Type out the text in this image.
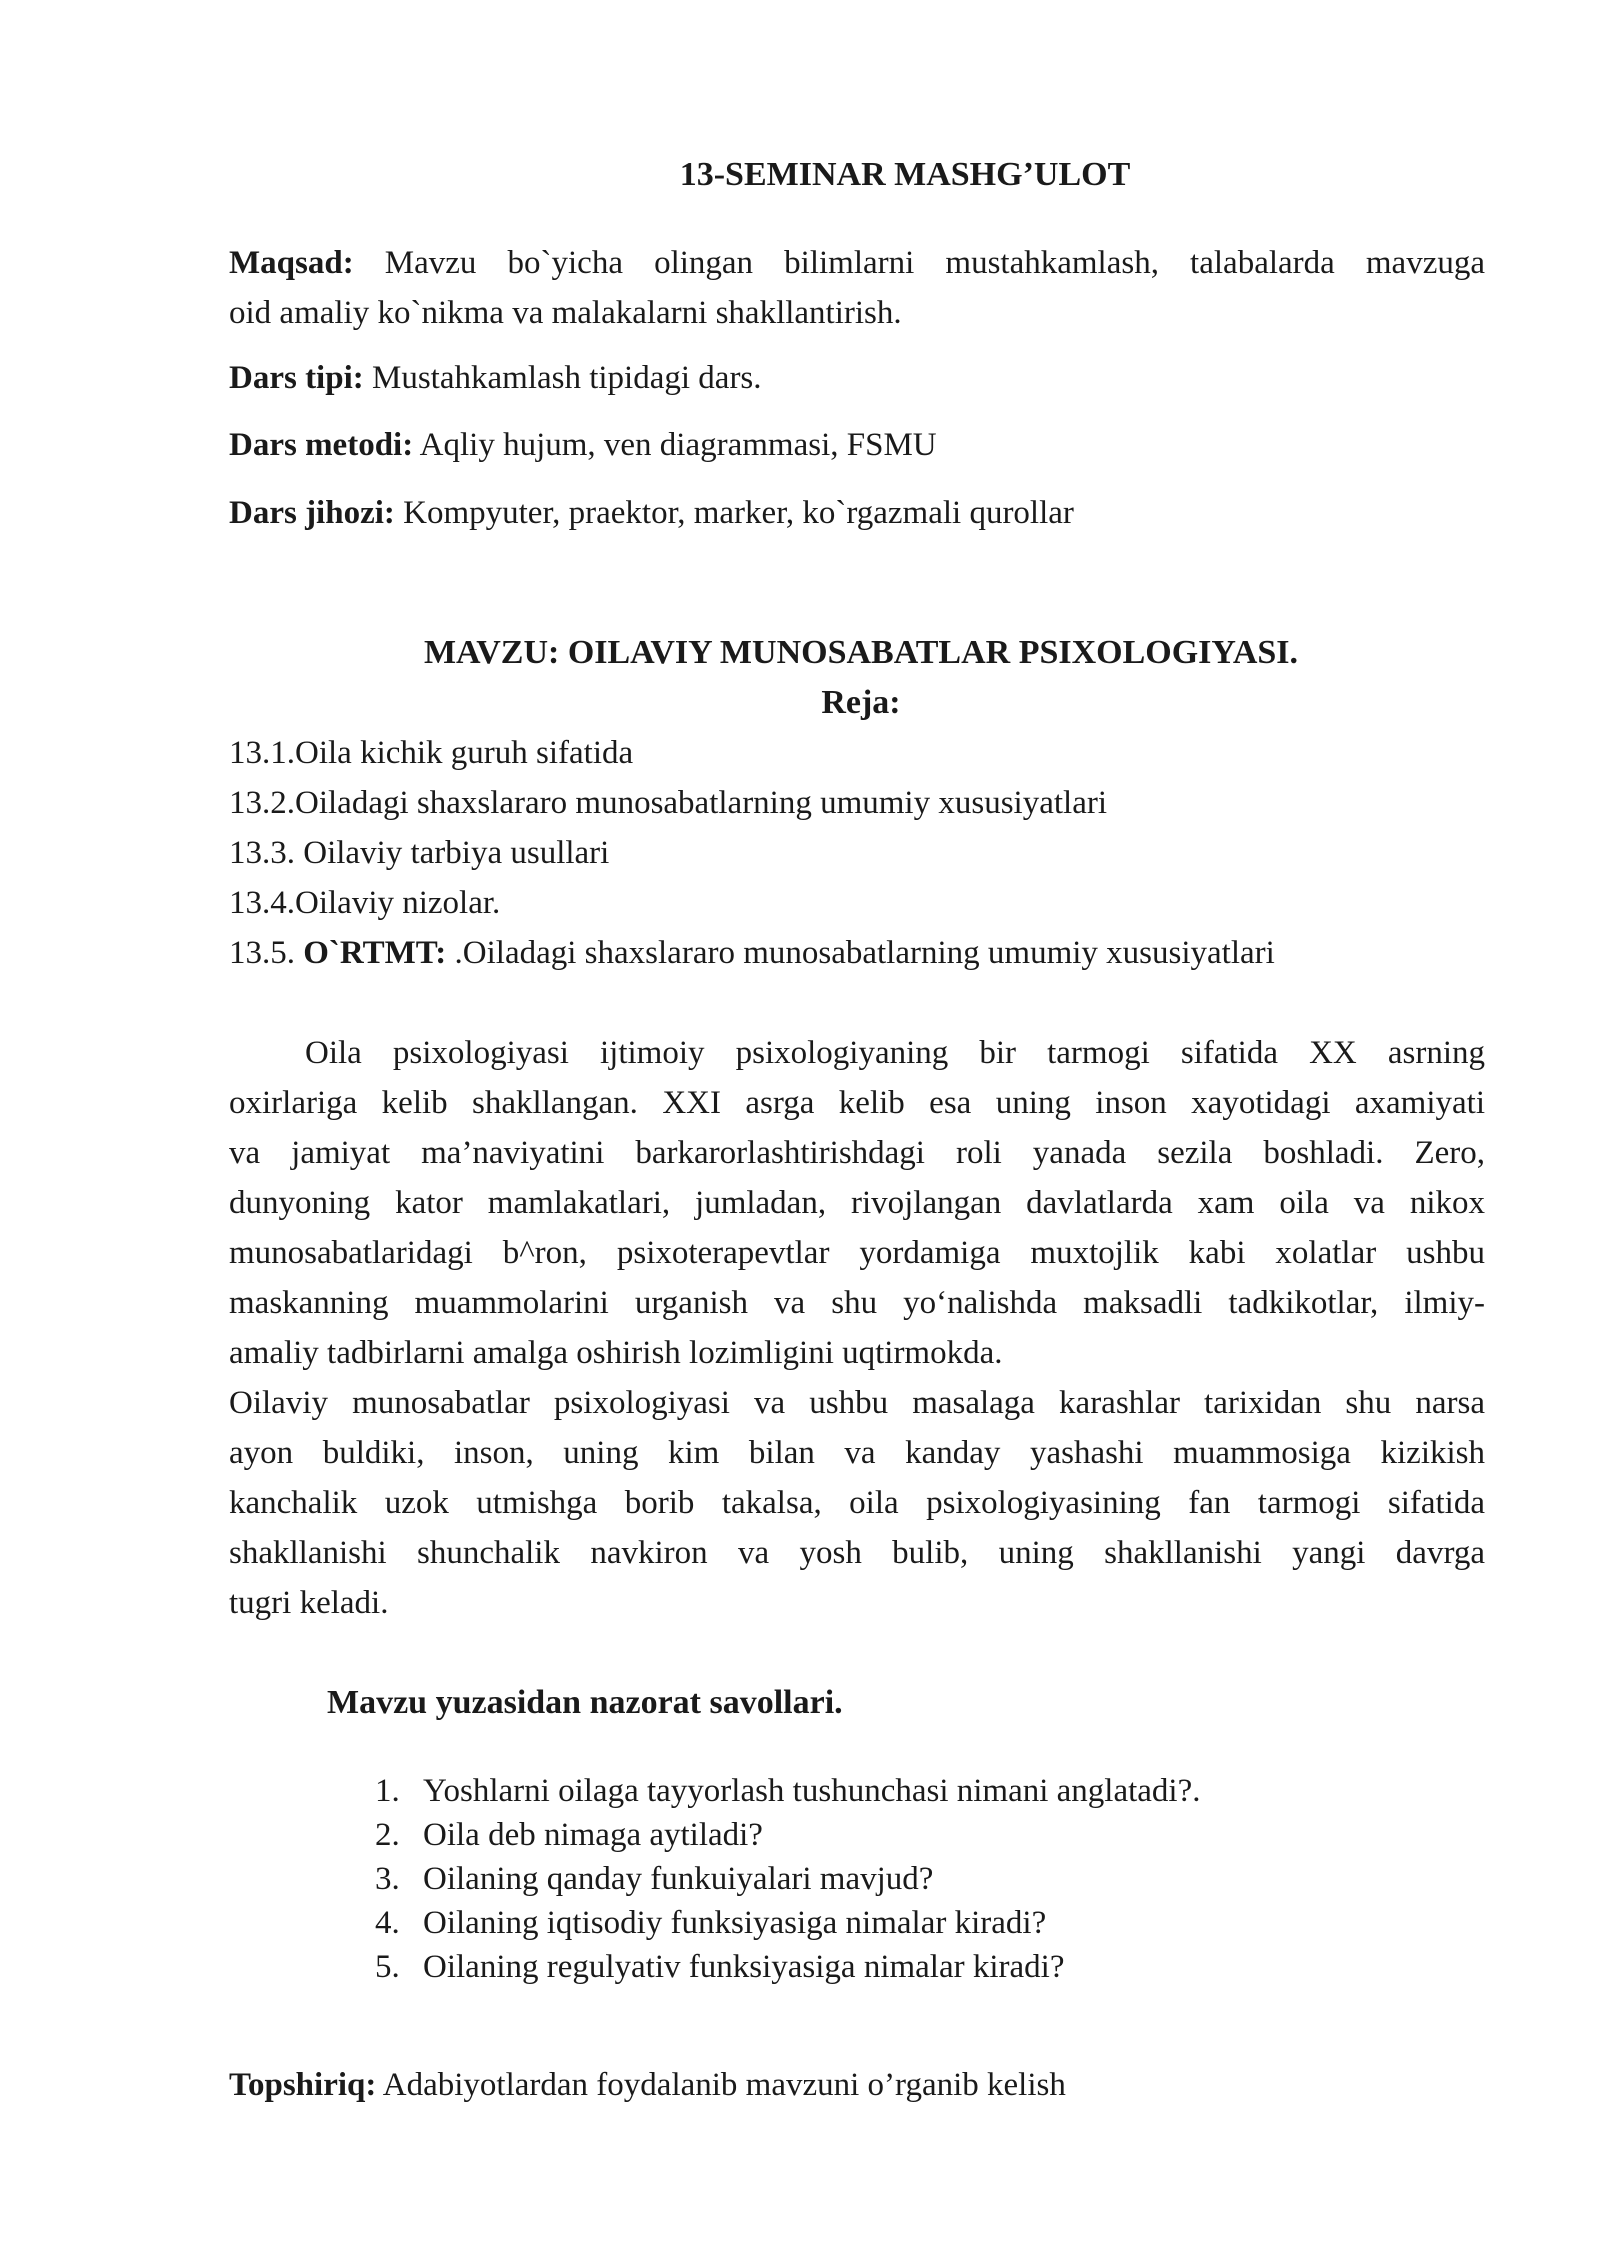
13-SEMINAR MASHG’ULOT
Maqsad: Mavzu bo`yicha olingan bilimlarni mustahkamlash, talabalarda mavzuga
oid amaliy ko`nikma va malakalarni shakllantirish.
Dars tipi: Mustahkamlash tipidagi dars.
Dars metodi: Aqliy hujum, ven diagrammasi, FSMU
Dars jihozi: Kompyuter, praektor, marker, ko`rgazmali qurollar
MAVZU: OILAVIY MUNOSABATLAR PSIXOLOGIYASI.
Reja:
13.1.Oila kichik guruh sifatida
13.2.Oiladagi shaxslararo munosabatlarning umumiy xususiyatlari
13.3. Oilaviy tarbiya usullari
13.4.Oilaviy nizolar.
13.5. O`RTMT: .Oiladagi shaxslararo munosabatlarning umumiy xususiyatlari
Oila psixologiyasi ijtimoiy psixologiyaning bir tarmogi sifatida XX asrning
oxirlariga kelib shakllangan. XXI asrga kelib esa uning inson xayotidagi axamiyati
va jamiyat ma’naviyatini barkarorlashtirishdagi roli yanada sezila boshladi. Zero,
dunyoning kator mamlakatlari, jumladan, rivojlangan davlatlarda xam oila va nikox
munosabatlaridagi b^ron, psixoterapevtlar yordamiga muxtojlik kabi xolatlar ushbu
maskanning muammolarini urganish va shu yo‘nalishda maksadli tadkikotlar, ilmiy-
amaliy tadbirlarni amalga oshirish lozimligini uqtirmokda.
Oilaviy munosabatlar psixologiyasi va ushbu masalaga karashlar tarixidan shu narsa
ayon buldiki, inson, uning kim bilan va kanday yashashi muammosiga kizikish
kanchalik uzok utmishga borib takalsa, oila psixologiyasining fan tarmogi sifatida
shakllanishi shunchalik navkiron va yosh bulib, uning shakllanishi yangi davrga
tugri keladi.
Mavzu yuzasidan nazorat savollari.
1. Yoshlarni oilaga tayyorlash tushunchasi nimani anglatadi?.
2. Oila deb nimaga aytiladi?
3. Oilaning qanday funkuiyalari mavjud?
4. Oilaning iqtisodiy funksiyasiga nimalar kiradi?
5. Oilaning regulyativ funksiyasiga nimalar kiradi?
Topshiriq: Adabiyotlardan foydalanib mavzuni o’rganib kelish
